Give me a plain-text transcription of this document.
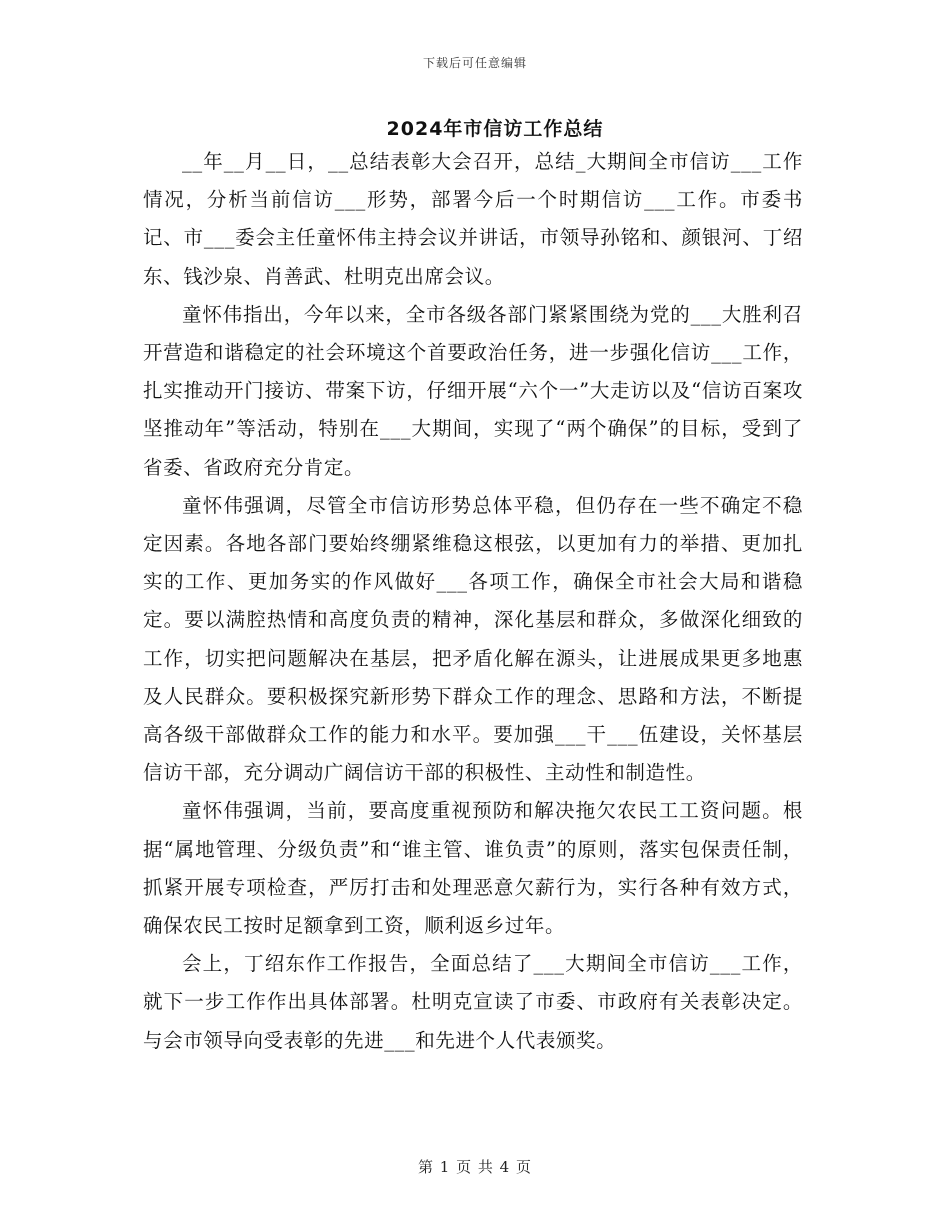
下载后可任意编辑
2024年市信访工作总结

__年__月__日，__总结表彰大会召开，总结_大期间全市信访___工作情况，分析当前信访___形势，部署今后一个时期信访___工作。市委书记、市___委会主任童怀伟主持会议并讲话，市领导孙铭和、颜银河、丁绍东、钱沙泉、肖善武、杜明克出席会议。

童怀伟指出，今年以来，全市各级各部门紧紧围绕为党的___大胜利召开营造和谐稳定的社会环境这个首要政治任务，进一步强化信访___工作，扎实推动开门接访、带案下访，仔细开展“六个一”大走访以及“信访百案攻坚推动年”等活动，特别在___大期间，实现了“两个确保”的目标，受到了省委、省政府充分肯定。

童怀伟强调，尽管全市信访形势总体平稳，但仍存在一些不确定不稳定因素。各地各部门要始终绷紧维稳这根弦，以更加有力的举措、更加扎实的工作、更加务实的作风做好___各项工作，确保全市社会大局和谐稳定。要以满腔热情和高度负责的精神，深化基层和群众，多做深化细致的工作，切实把问题解决在基层，把矛盾化解在源头，让进展成果更多地惠及人民群众。要积极探究新形势下群众工作的理念、思路和方法，不断提高各级干部做群众工作的能力和水平。要加强___干___伍建设，关怀基层信访干部，充分调动广阔信访干部的积极性、主动性和制造性。

童怀伟强调，当前，要高度重视预防和解决拖欠农民工工资问题。根据“属地管理、分级负责”和“谁主管、谁负责”的原则，落实包保责任制，抓紧开展专项检查，严厉打击和处理恶意欠薪行为，实行各种有效方式，确保农民工按时足额拿到工资，顺利返乡过年。

会上，丁绍东作工作报告，全面总结了___大期间全市信访___工作，就下一步工作作出具体部署。杜明克宣读了市委、市政府有关表彰决定。与会市领导向受表彰的先进___和先进个人代表颁奖。

第 1 页 共 4 页
